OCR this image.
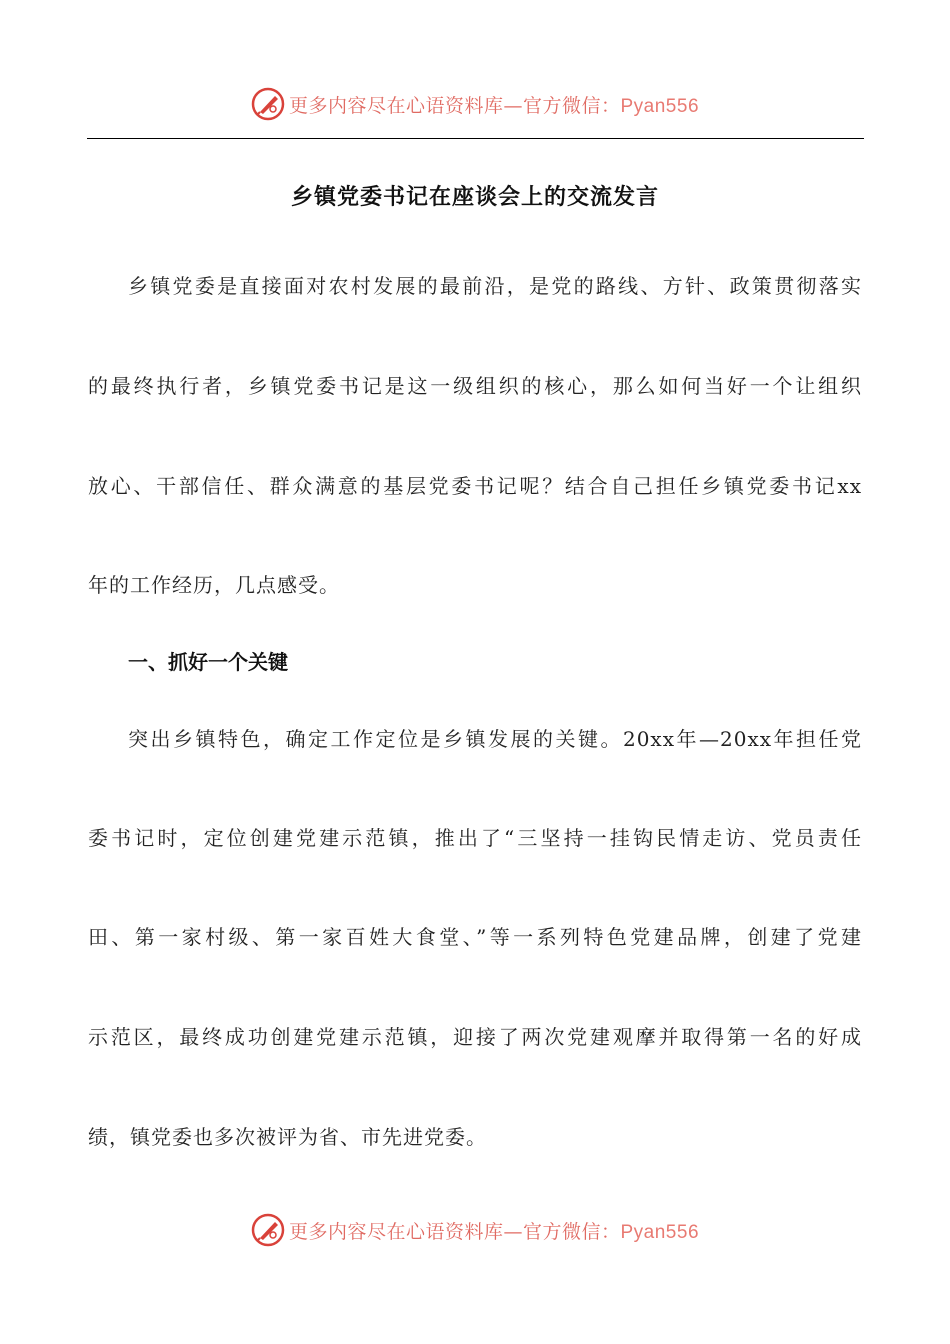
更多内容尽在心语资料库—官方微信：Pyan556
乡镇党委书记在座谈会上的交流发言
乡镇党委是直接面对农村发展的最前沿，是党的路线、方针、政策贯彻落实
的最终执行者，乡镇党委书记是这一级组织的核心，那么如何当好一个让组织
放心、干部信任、群众满意的基层党委书记呢？结合自己担任乡镇党委书记xx
年的工作经历，几点感受。
一、抓好一个关键
突出乡镇特色，确定工作定位是乡镇发展的关键。20xx年—20xx年担任党
委书记时，定位创建党建示范镇，推出了“三坚持一挂钩民情走访、党员责任
田、第一家村级、第一家百姓大食堂、”等一系列特色党建品牌，创建了党建
示范区，最终成功创建党建示范镇，迎接了两次党建观摩并取得第一名的好成
绩，镇党委也多次被评为省、市先进党委。
更多内容尽在心语资料库—官方微信：Pyan556
